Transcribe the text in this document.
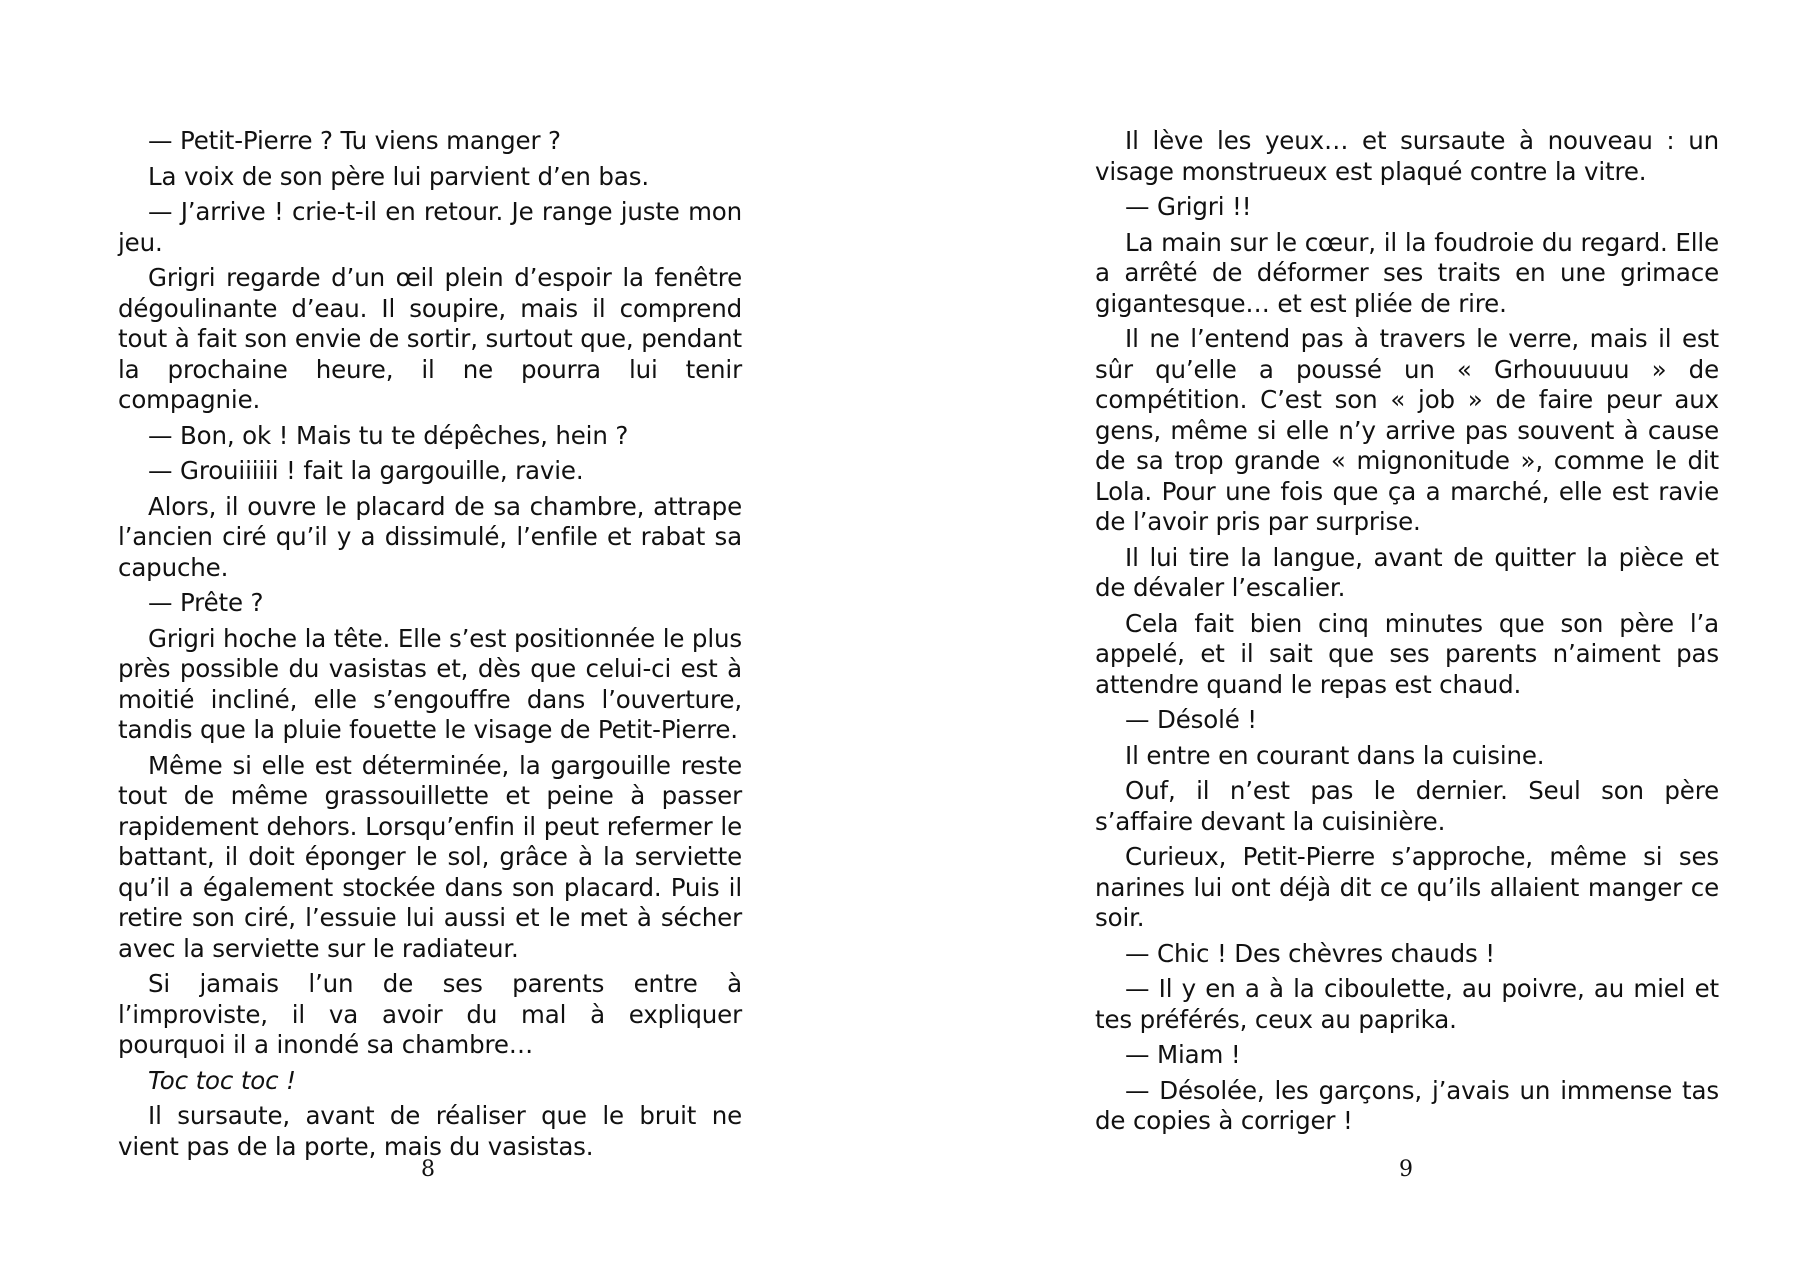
— Petit-Pierre ? Tu viens manger ?

La voix de son père lui parvient d’en bas.

— J’arrive ! crie-t-il en retour. Je range juste mon jeu.

Grigri regarde d’un œil plein d’espoir la fenêtre dégoulinante d’eau. Il soupire, mais il comprend tout à fait son envie de sortir, surtout que, pendant la prochaine heure, il ne pourra lui tenir compagnie.

— Bon, ok ! Mais tu te dépêches, hein ?

— Grouiiiiii ! fait la gargouille, ravie.

Alors, il ouvre le placard de sa chambre, attrape l’ancien ciré qu’il y a dissimulé, l’enfile et rabat sa capuche.

— Prête ?

Grigri hoche la tête. Elle s’est positionnée le plus près possible du vasistas et, dès que celui-ci est à moitié incliné, elle s’engouffre dans l’ouverture, tandis que la pluie fouette le visage de Petit-Pierre.

Même si elle est déterminée, la gargouille reste tout de même grassouillette et peine à passer rapidement dehors. Lorsqu’enfin il peut refermer le battant, il doit éponger le sol, grâce à la serviette qu’il a également stockée dans son placard. Puis il retire son ciré, l’essuie lui aussi et le met à sécher avec la serviette sur le radiateur.

Si jamais l’un de ses parents entre à l’improviste, il va avoir du mal à expliquer pourquoi il a inondé sa chambre…

Toc toc toc !

Il sursaute, avant de réaliser que le bruit ne vient pas de la porte, mais du vasistas.

8

Il lève les yeux… et sursaute à nouveau : un visage monstrueux est plaqué contre la vitre.

— Grigri !!

La main sur le cœur, il la foudroie du regard. Elle a arrêté de déformer ses traits en une grimace gigantesque… et est pliée de rire.

Il ne l’entend pas à travers le verre, mais il est sûr qu’elle a poussé un « Grhouuuuu » de compétition. C’est son « job » de faire peur aux gens, même si elle n’y arrive pas souvent à cause de sa trop grande « mignonitude », comme le dit Lola. Pour une fois que ça a marché, elle est ravie de l’avoir pris par surprise.

Il lui tire la langue, avant de quitter la pièce et de dévaler l’escalier.

Cela fait bien cinq minutes que son père l’a appelé, et il sait que ses parents n’aiment pas attendre quand le repas est chaud.

— Désolé !

Il entre en courant dans la cuisine.

Ouf, il n’est pas le dernier. Seul son père s’affaire devant la cuisinière.

Curieux, Petit-Pierre s’approche, même si ses narines lui ont déjà dit ce qu’ils allaient manger ce soir.

— Chic ! Des chèvres chauds !

— Il y en a à la ciboulette, au poivre, au miel et tes préférés, ceux au paprika.

— Miam !

— Désolée, les garçons, j’avais un immense tas de copies à corriger !

9
